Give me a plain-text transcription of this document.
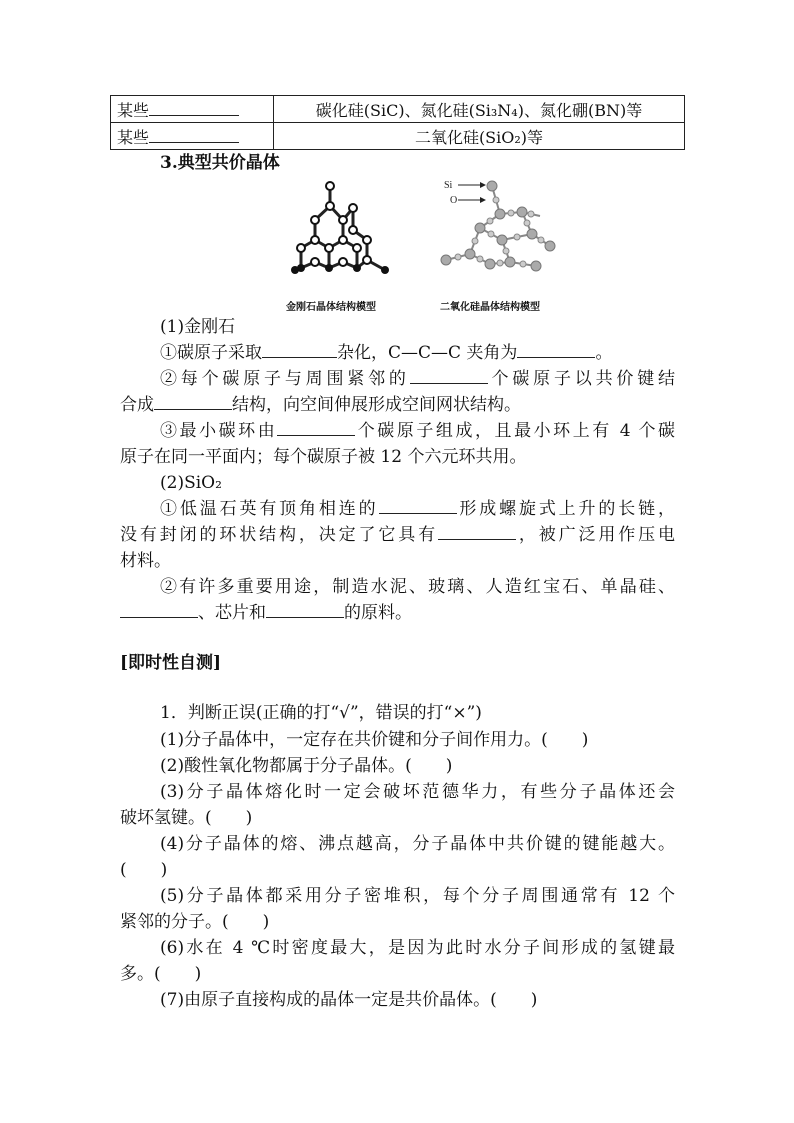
某些	碳化硅(SiC)、氮化硅(Si₃N₄)、氮化硼(BN)等
某些	二氧化硅(SiO₂)等
3.典型共价晶体
金刚石晶体结构模型
Si
O
二氧化硅晶体结构模型
(1)金刚石
①碳原子采取	杂化，C—C—C 夹角为	。
②每个碳原子与周围紧邻的	个碳原子以共价键结
合成	结构，向空间伸展形成空间网状结构。
③最小碳环由	个碳原子组成，且最小环上有 4 个碳
原子在同一平面内；每个碳原子被 12 个六元环共用。
(2)SiO₂
①低温石英有顶角相连的	形成螺旋式上升的长链，
没有封闭的环状结构，决定了它具有	，被广泛用作压电
材料。
②有许多重要用途，制造水泥、玻璃、人造红宝石、单晶硅、
、芯片和	的原料。
[即时性自测]
1．判断正误(正确的打“√”，错误的打“×”)
(1)分子晶体中，一定存在共价键和分子间作用力。(　　)
(2)酸性氧化物都属于分子晶体。(　　)
(3)分子晶体熔化时一定会破坏范德华力，有些分子晶体还会
破坏氢键。(　　)
(4)分子晶体的熔、沸点越高，分子晶体中共价键的键能越大。
(　　)
(5)分子晶体都采用分子密堆积，每个分子周围通常有 12 个
紧邻的分子。(　　)
(6)水在 4 ℃时密度最大，是因为此时水分子间形成的氢键最
多。(　　)
(7)由原子直接构成的晶体一定是共价晶体。(　　)
